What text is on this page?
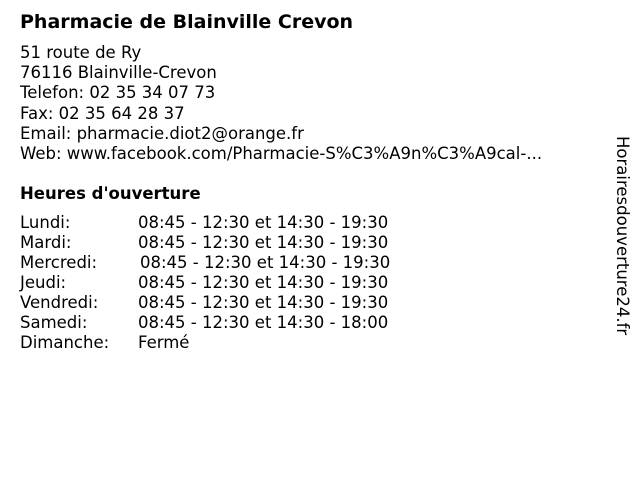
Pharmacie de Blainville Crevon
51 route de Ry
76116 Blainville-Crevon
Telefon: 02 35 34 07 73
Fax: 02 35 64 28 37
Email: pharmacie.diot2@orange.fr
Web: www.facebook.com/Pharmacie-S%C3%A9n%C3%A9cal-...
Heures d'ouverture
Lundi:	08:45 - 12:30 et 14:30 - 19:30
Mardi:	08:45 - 12:30 et 14:30 - 19:30
Mercredi:	08:45 - 12:30 et 14:30 - 19:30
Jeudi:	08:45 - 12:30 et 14:30 - 19:30
Vendredi: 08:45 - 12:30 et 14:30 - 19:30
Samedi:	08:45 - 12:30 et 14:30 - 18:00
Dimanche: Fermé
Horairesdouverture24.fr
